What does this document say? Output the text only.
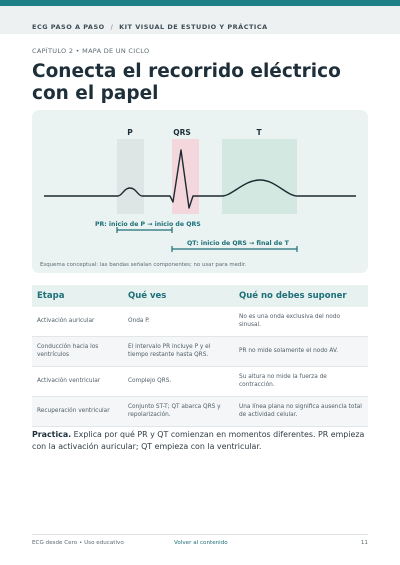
ECG PASO A PASO / KIT VISUAL DE ESTUDIO Y PRÁCTICA
CAPÍTULO 2 • MAPA DE UN CICLO
Conecta el recorrido eléctrico con el papel
P	QRS	T
PR: inicio de P → inicio de QRS
QT: inicio de QRS → final de T
Esquema conceptual: las bandas señalan componentes; no usar para medir.
Etapa	Qué ves	Qué no debes suponer
Activación auricular	Onda P.	No es una onda exclusiva del nodo sinusal.
Conducción hacia los ventrículos	El intervalo PR incluye P y el tiempo restante hasta QRS.	PR no mide solamente el nodo AV.
Activación ventricular	Complejo QRS.	Su altura no mide la fuerza de contracción.
Recuperación ventricular	Conjunto ST-T; QT abarca QRS y repolarización.	Una línea plana no significa ausencia total de actividad celular.

Practica. Explica por qué PR y QT comienzan en momentos diferentes. PR empieza con la activación auricular; QT empieza con la ventricular.

ECG desde Cero • Uso educativo	Volver al contenido	11
